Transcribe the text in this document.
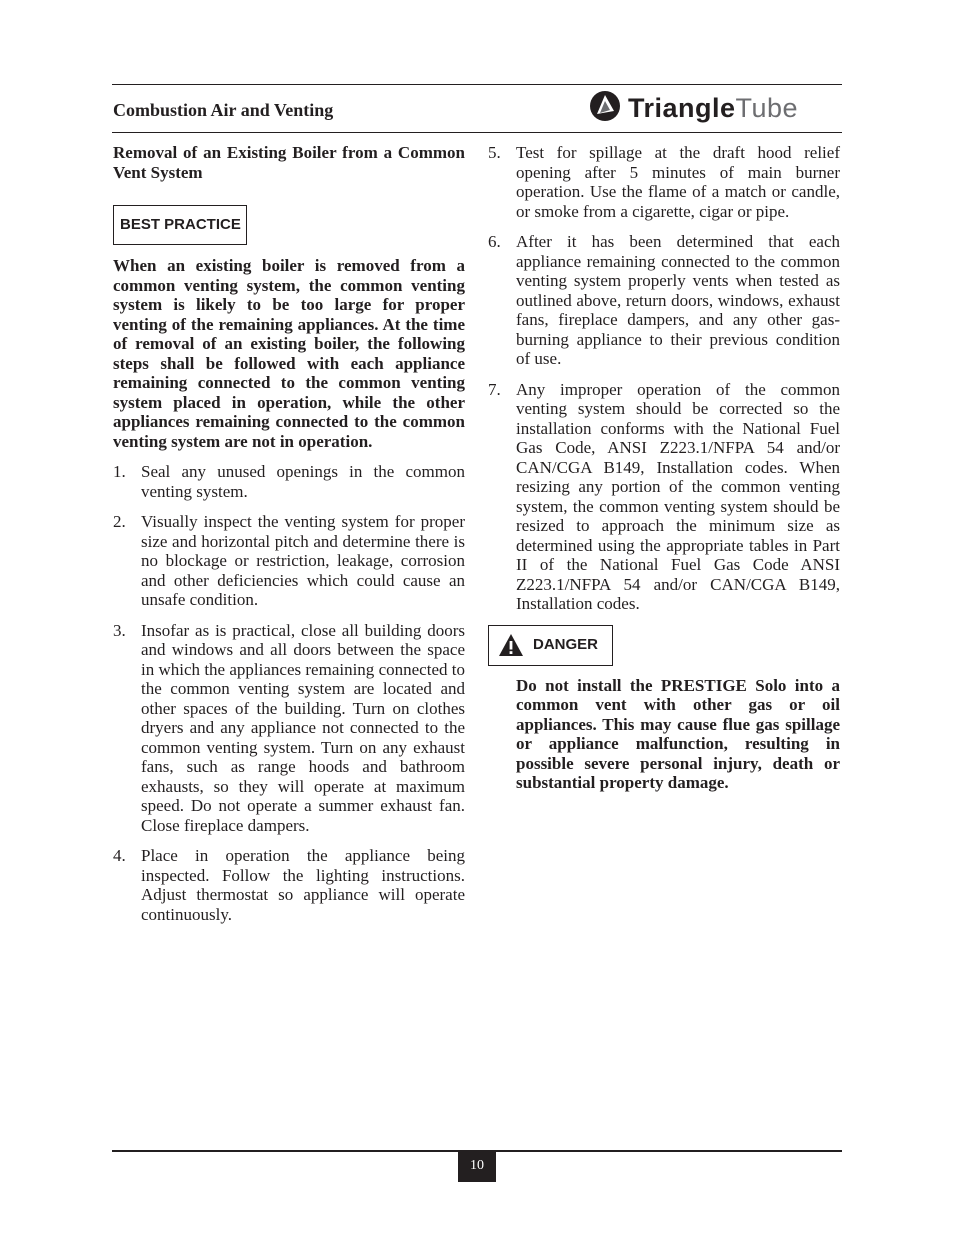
Combustion Air and Venting	Triangle Tube

Removal of an Existing Boiler from a Common Vent System

BEST PRACTICE

When an existing boiler is removed from a common venting system, the common venting system is likely to be too large for proper venting of the remaining appliances. At the time of removal of an existing boiler, the following steps shall be followed with each appliance remaining connected to the common venting system placed in operation, while the other appliances remaining connected to the common venting system are not in operation.

1. Seal any unused openings in the common venting system.
2. Visually inspect the venting system for proper size and horizontal pitch and determine there is no blockage or restriction, leakage, corrosion and other deficiencies which could cause an unsafe condition.
3. Insofar as is practical, close all building doors and windows and all doors between the space in which the appliances remaining connected to the common venting system are located and other spaces of the building. Turn on clothes dryers and any appliance not connected to the common venting system. Turn on any exhaust fans, such as range hoods and bathroom exhausts, so they will operate at maximum speed. Do not operate a summer exhaust fan. Close fireplace dampers.
4. Place in operation the appliance being inspected. Follow the lighting instructions. Adjust thermostat so appliance will operate continuously.
5. Test for spillage at the draft hood relief opening after 5 minutes of main burner operation. Use the flame of a match or candle, or smoke from a cigarette, cigar or pipe.
6. After it has been determined that each appliance remaining connected to the common venting system properly vents when tested as outlined above, return doors, windows, exhaust fans, fireplace dampers, and any other gas-burning appliance to their previous condition of use.
7. Any improper operation of the common venting system should be corrected so the installation conforms with the National Fuel Gas Code, ANSI Z223.1/NFPA 54 and/or CAN/CGA B149, Installation codes. When resizing any portion of the common venting system, the common venting system should be resized to approach the minimum size as determined using the appropriate tables in Part II of the National Fuel Gas Code ANSI Z223.1/NFPA 54 and/or CAN/CGA B149, Installation codes.
DANGER

Do not install the PRESTIGE Solo into a common vent with other gas or oil appliances. This may cause flue gas spillage or appliance malfunction, resulting in possible severe personal injury, death or substantial property damage.

10
